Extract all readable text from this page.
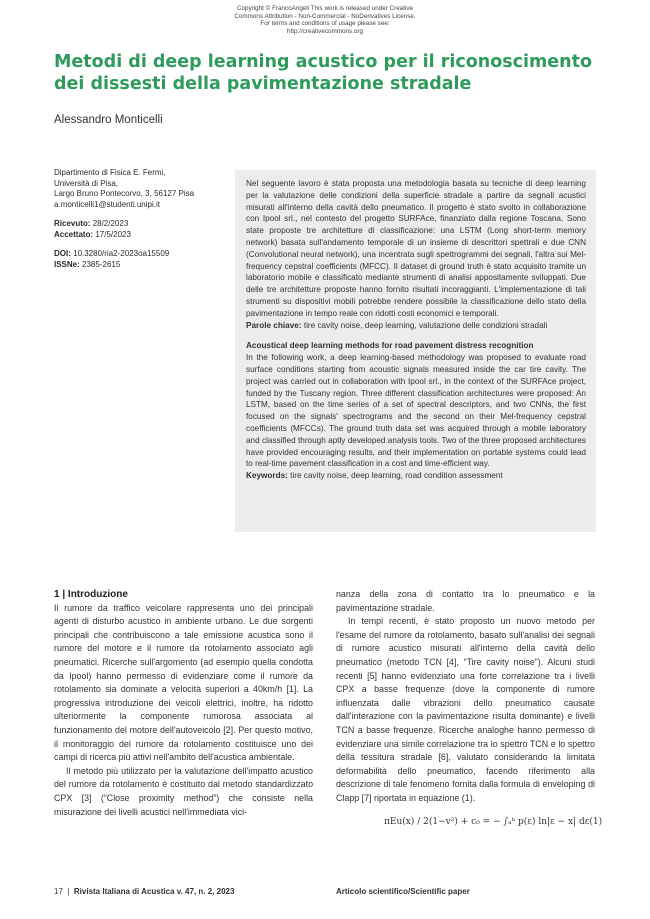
Copyright © FrancoAngeli This work is released under Creative
Commons Attribution - Non-Commercial - NoDerivatives License.
For terms and conditions of usage please see:
http://creativecommons.org
Metodi di deep learning acustico per il riconoscimento dei dissesti della pavimentazione stradale
Alessandro Monticelli
Dipartimento di Fisica E. Fermi,
Università di Pisa,
Largo Bruno Pontecorvo, 3, 56127 Pisa
a.monticelli1@studenti.unipi.it
Ricevuto: 28/2/2023
Accettato: 17/5/2023
DOI: 10.3280/ria2-2023oa15509
ISSNe: 2385-2615

Nel seguente lavoro è stata proposta una metodologia basata su tecniche di deep learning per la valutazione delle condizioni della superficie stradale a partire da segnali acustici misurati all'interno della cavità dello pneumatico. Il progetto è stato svolto in collaborazione con Ipool srl., nel contesto del progetto SURFAce, finanziato dalla regione Toscana. Sono state proposte tre architetture di classificazione: una LSTM (Long short-term memory network) basata sull'andamento temporale di un insieme di descrittori spettrali e due CNN (Convolutional neural network), una incentrata sugli spettrogrammi dei segnali, l'altra sui Mel-frequency cepstral coefficients (MFCC). Il dataset di ground truth è stato acquisito tramite un laboratorio mobile e classificato mediante strumenti di analisi appositamente sviluppati. Due delle tre architetture proposte hanno fornito risultati incoraggianti. L'implementazione di tali strumenti su dispositivi mobili potrebbe rendere possibile la classificazione dello stato della pavimentazione in tempo reale con ridotti costi economici e temporali.

Parole chiave: tire cavity noise, deep learning, valutazione delle condizioni stradali

Acoustical deep learning methods for road pavement distress recognition

In the following work, a deep learning-based methodology was proposed to evaluate road surface conditions starting from acoustic signals measured inside the car tire cavity. The project was carried out in collaboration with Ipool srl., in the context of the SURFAce project, funded by the Tuscany region. Three different classification architectures were proposed: An LSTM, based on the time series of a set of spectral descriptors, and two CNNs, the first focused on the signals' spectrograms and the second on their Mel-frequency cepstral coefficients (MFCCs). The ground truth data set was acquired through a mobile laboratory and classified through aptly developed analysis tools. Two of the three proposed architectures have provided encouraging results, and their implementation on portable systems could lead to real-time pavement classification in a cost and time-efficient way.

Keywords: tire cavity noise, deep learning, road condition assessment

1 | Introduzione

Il rumore da traffico veicolare rappresenta uno dei principali agenti di disturbo acustico in ambiente urbano. Le due sorgenti principali che contribuiscono a tale emissione acustica sono il rumore del motore e il rumore da rotolamento associato agli pneumatici. Ricerche sull'argomento (ad esempio quella condotta da Ipool) hanno permesso di evidenziare come il rumore da rotolamento sia dominate a velocità superiori a 40km/h [1]. La progressiva introduzione dei veicoli elettrici, inoltre, ha ridotto ulteriormente la componente rumorosa associata al funzionamento del motore dell'autoveicolo [2]. Per questo motivo, il monitoraggio del rumore da rotolamento costituisce uno dei campi di ricerca più attivi nell'ambito dell'acustica ambientale.

Il metodo più utilizzato per la valutazione dell'impatto acustico del rumore da rotolamento è costituito dal metodo standardizzato CPX [3] (“Close proximity method”) che consiste nella misurazione dei livelli acustici nell'immediata vici-

nanza della zona di contatto tra lo pneumatico e la pavimentazione stradale.

In tempi recenti, è stato proposto un nuovo metodo per l'esame del rumore da rotolamento, basato sull'analisi dei segnali di rumore acustico misurati all'interno della cavità dello pneumatico (metodo TCN [4], “Tire cavity noise”). Alcuni studi recenti [5] hanno evidenziato una forte correlazione tra i livelli CPX a basse frequenze (dove la componente di rumore influenzata dalle vibrazioni dello pneumatico causate dall'interazione con la pavimentazione risulta dominante) e livelli TCN a basse frequenze. Ricerche analoghe hanno permesso di evidenziare una simile correlazione tra lo spettro TCN e lo spettro della tessitura stradale [6], valutato considerando la limitata deformabilità dello pneumatico, facendo riferimento alla descrizione di tale fenomeno fornita dalla formula di enveloping di Clapp [7] riportata in equazione (1).

πEu(x) / 2(1−v²) + c₀ = − ∫ₐᵇ p(ε) ln|ε − x| dε (1)
17 | Rivista Italiana di Acustica v. 47, n. 2, 2023	Articolo scientifico/Scientific paper
